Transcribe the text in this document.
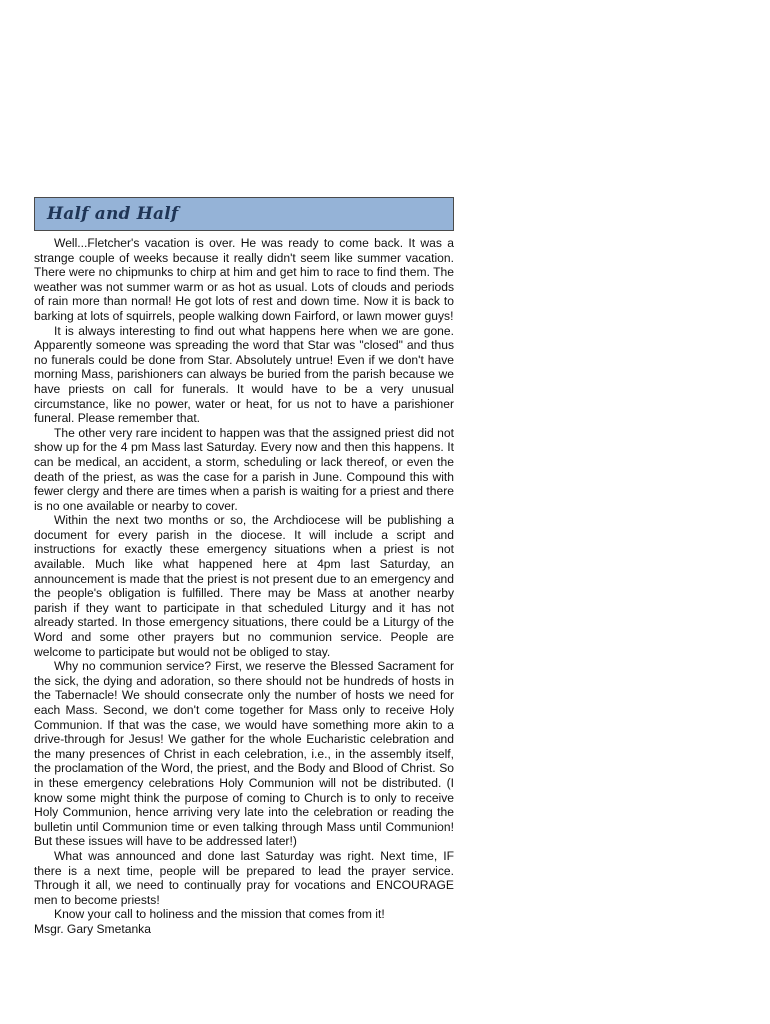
Half and Half

Well...Fletcher's vacation is over. He was ready to come back. It was a strange couple of weeks because it really didn't seem like summer vacation. There were no chipmunks to chirp at him and get him to race to find them. The weather was not summer warm or as hot as usual. Lots of clouds and periods of rain more than normal! He got lots of rest and down time. Now it is back to barking at lots of squirrels, people walking down Fairford, or lawn mower guys!

It is always interesting to find out what happens here when we are gone. Apparently someone was spreading the word that Star was "closed" and thus no funerals could be done from Star. Absolutely untrue! Even if we don't have morning Mass, parishioners can always be buried from the parish because we have priests on call for funerals. It would have to be a very unusual circumstance, like no power, water or heat, for us not to have a parishioner funeral. Please remember that.

The other very rare incident to happen was that the assigned priest did not show up for the 4 pm Mass last Saturday. Every now and then this happens. It can be medical, an accident, a storm, scheduling or lack thereof, or even the death of the priest, as was the case for a parish in June. Compound this with fewer clergy and there are times when a parish is waiting for a priest and there is no one available or nearby to cover.

Within the next two months or so, the Archdiocese will be publishing a document for every parish in the diocese. It will include a script and instructions for exactly these emergency situations when a priest is not available. Much like what happened here at 4pm last Saturday, an announcement is made that the priest is not present due to an emergency and the people's obligation is fulfilled. There may be Mass at another nearby parish if they want to participate in that scheduled Liturgy and it has not already started. In those emergency situations, there could be a Liturgy of the Word and some other prayers but no communion service. People are welcome to participate but would not be obliged to stay.

Why no communion service? First, we reserve the Blessed Sacrament for the sick, the dying and adoration, so there should not be hundreds of hosts in the Tabernacle! We should consecrate only the number of hosts we need for each Mass. Second, we don't come together for Mass only to receive Holy Communion. If that was the case, we would have something more akin to a drive-through for Jesus! We gather for the whole Eucharistic celebration and the many presences of Christ in each celebration, i.e., in the assembly itself, the proclamation of the Word, the priest, and the Body and Blood of Christ. So in these emergency celebrations Holy Communion will not be distributed. (I know some might think the purpose of coming to Church is to only to receive Holy Communion, hence arriving very late into the celebration or reading the bulletin until Communion time or even talking through Mass until Communion! But these issues will have to be addressed later!)

What was announced and done last Saturday was right. Next time, IF there is a next time, people will be prepared to lead the prayer service. Through it all, we need to continually pray for vocations and ENCOURAGE men to become priests!

Know your call to holiness and the mission that comes from it!

Msgr. Gary Smetanka
